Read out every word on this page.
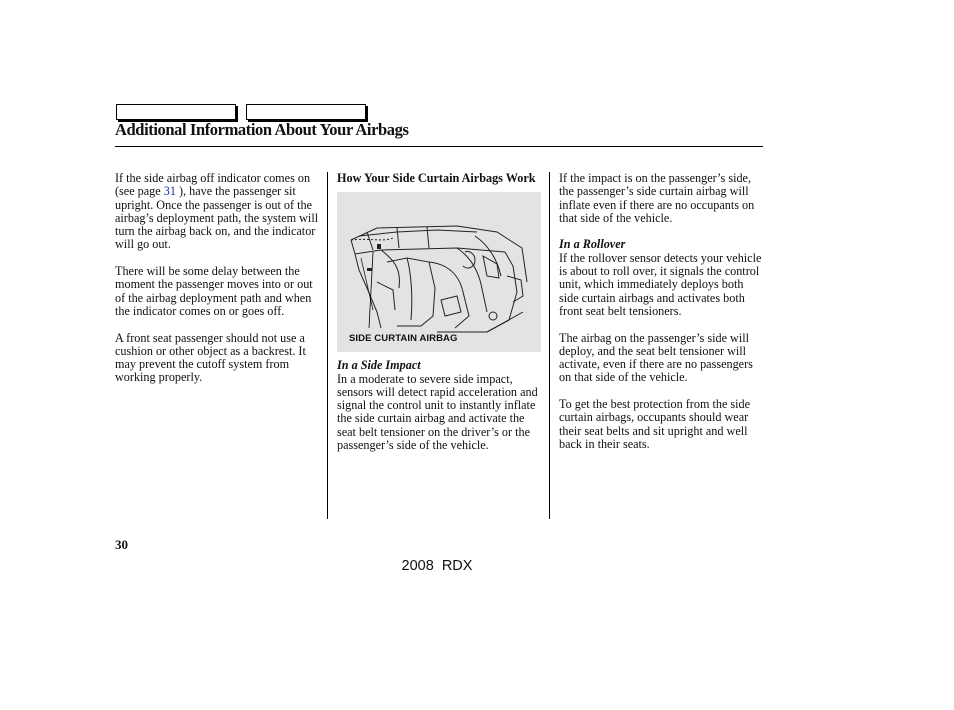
Additional Information About Your Airbags

If the side airbag off indicator comes on (see page 31 ), have the passenger sit upright. Once the passenger is out of the airbag’s deployment path, the system will turn the airbag back on, and the indicator will go out.

There will be some delay between the moment the passenger moves into or out of the airbag deployment path and when the indicator comes on or goes off.

A front seat passenger should not use a cushion or other object as a backrest. It may prevent the cutoff system from working properly.

How Your Side Curtain Airbags Work

SIDE CURTAIN AIRBAG
In a Side Impact

In a moderate to severe side impact, sensors will detect rapid acceleration and signal the control unit to instantly inflate the side curtain airbag and activate the seat belt tensioner on the driver’s or the passenger’s side of the vehicle.

If the impact is on the passenger’s side, the passenger’s side curtain airbag will inflate even if there are no occupants on that side of the vehicle.

In a Rollover

If the rollover sensor detects your vehicle is about to roll over, it signals the control unit, which immediately deploys both side curtain airbags and activates both front seat belt tensioners.

The airbag on the passenger’s side will deploy, and the seat belt tensioner will activate, even if there are no passengers on that side of the vehicle.

To get the best protection from the side curtain airbags, occupants should wear their seat belts and sit upright and well back in their seats.

30
2008 RDX
